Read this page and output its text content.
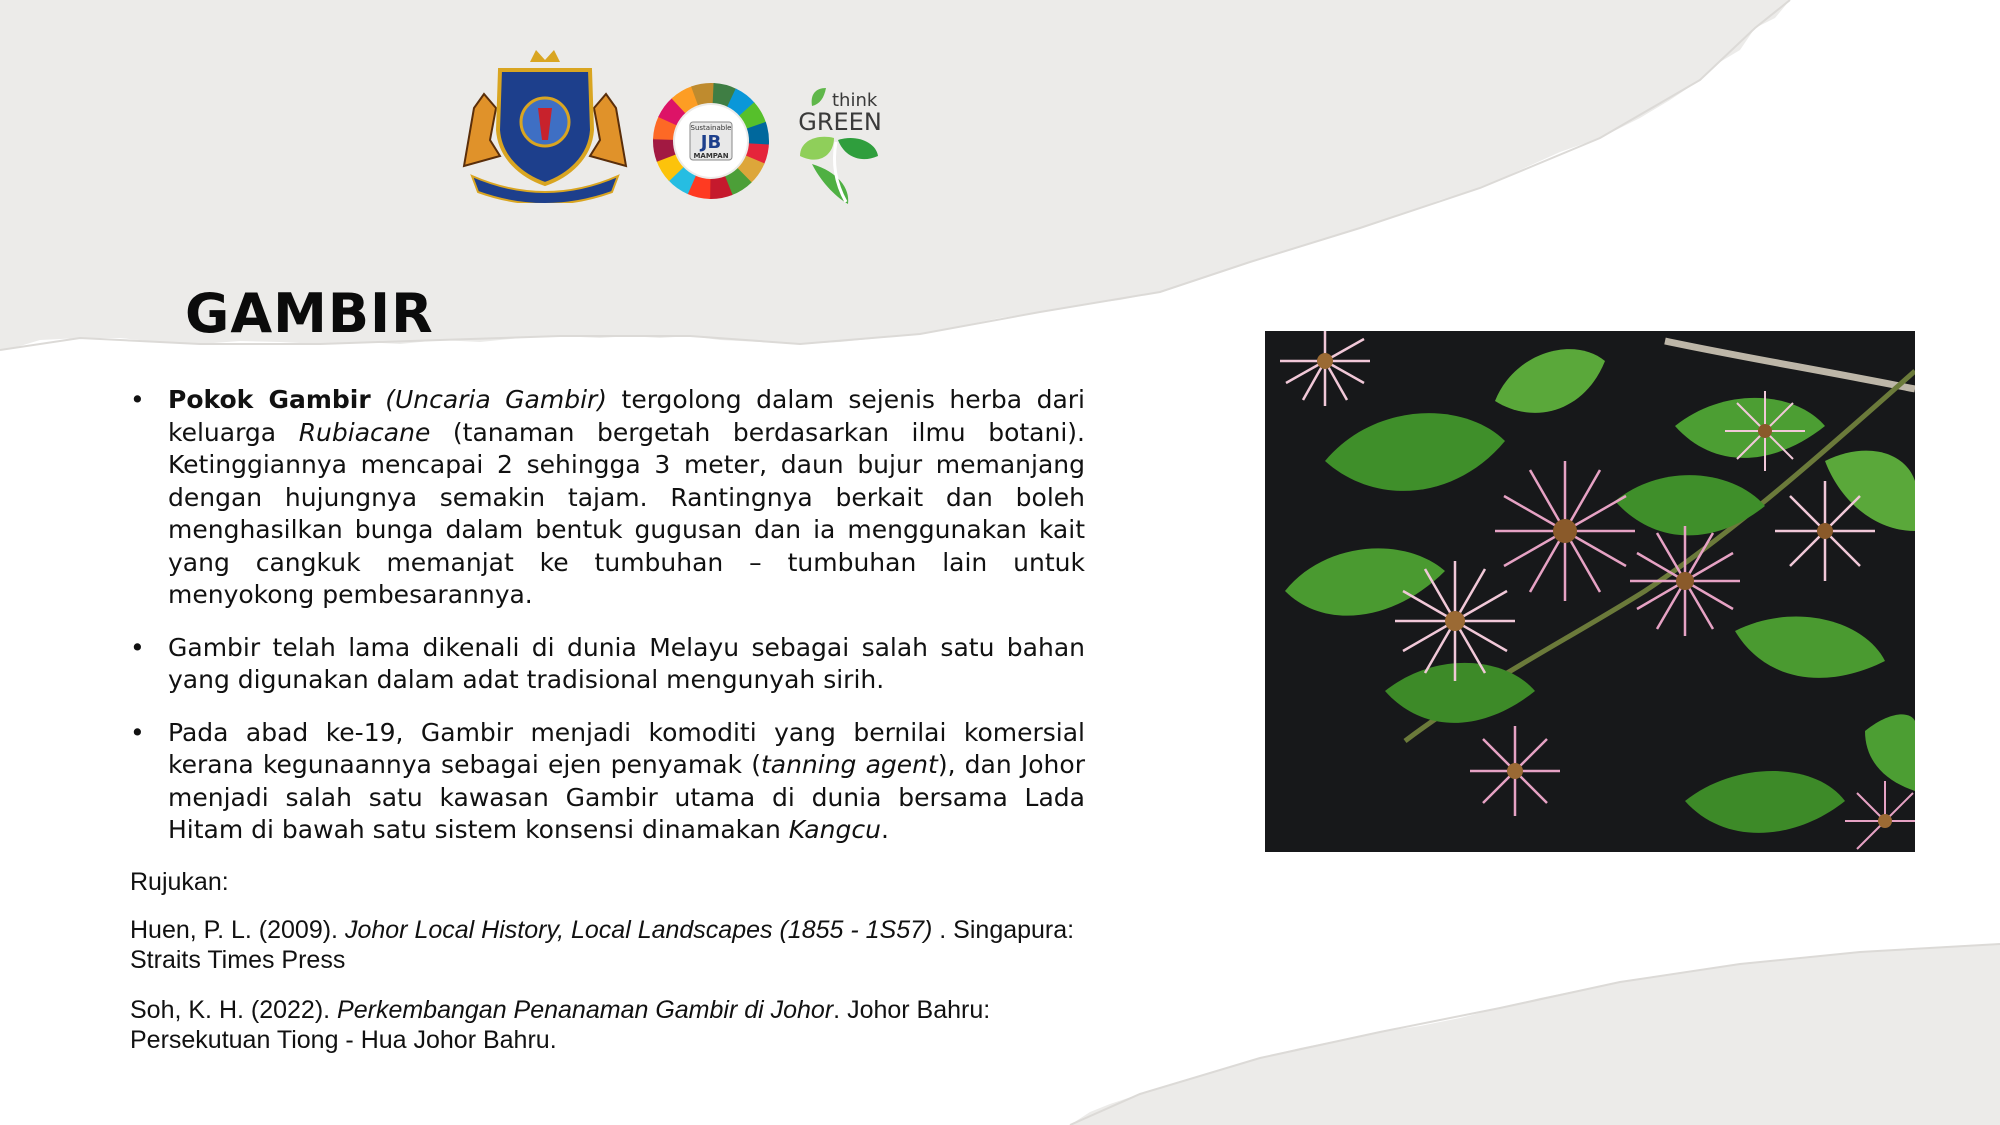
Sustainable
JB
MAMPAN
think
GREEN
GAMBIR
• Pokok Gambir (Uncaria Gambir) tergolong dalam sejenis herba dari keluarga Rubiacane (tanaman bergetah berdasarkan ilmu botani). Ketinggiannya mencapai 2 sehingga 3 meter, daun bujur memanjang dengan hujungnya semakin tajam. Rantingnya berkait dan boleh menghasilkan bunga dalam bentuk gugusan dan ia menggunakan kait yang cangkuk memanjat ke tumbuhan – tumbuhan lain untuk menyokong pembesarannya.
• Gambir telah lama dikenali di dunia Melayu sebagai salah satu bahan yang digunakan dalam adat tradisional mengunyah sirih.
• Pada abad ke-19, Gambir menjadi komoditi yang bernilai komersial kerana kegunaannya sebagai ejen penyamak (tanning agent), dan Johor menjadi salah satu kawasan Gambir utama di dunia bersama Lada Hitam di bawah satu sistem konsensi dinamakan Kangcu.

Rujukan:

Huen, P. L. (2009). Johor Local History, Local Landscapes (1855 - 1S57) . Singapura: Straits Times Press

Soh, K. H. (2022). Perkembangan Penanaman Gambir di Johor. Johor Bahru: Persekutuan Tiong - Hua Johor Bahru.
